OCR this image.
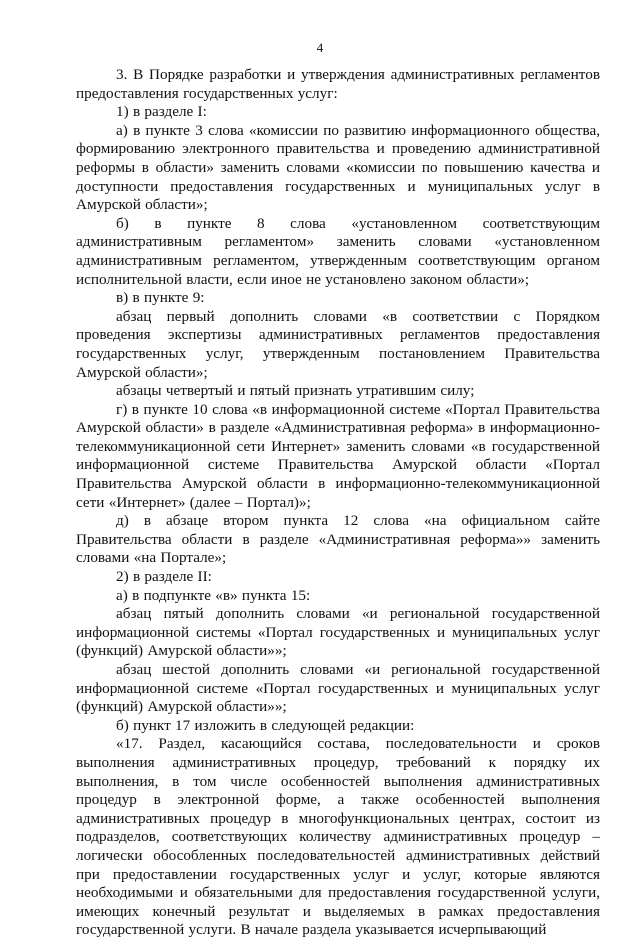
4

3. В Порядке разработки и утверждения административных регламентов предоставления государственных услуг:

1) в разделе I:

а) в пункте 3 слова «комиссии по развитию информационного общества, формированию электронного правительства и проведению административной реформы в области» заменить словами «комиссии по повышению качества и доступности предоставления государственных и муниципальных услуг в Амурской области»;

б) в пункте 8 слова «установленном соответствующим административным регламентом» заменить словами «установленном административным регламентом, утвержденным соответствующим органом исполнительной власти, если иное не установлено законом области»;

в) в пункте 9:

абзац первый дополнить словами «в соответствии с Порядком проведения экспертизы административных регламентов предоставления государственных услуг, утвержденным постановлением Правительства Амурской области»;

абзацы четвертый и пятый признать утратившим силу;

г) в пункте 10 слова «в информационной системе «Портал Правительства Амурской области» в разделе «Административная реформа» в информационно-телекоммуникационной сети Интернет» заменить словами «в государственной информационной системе Правительства Амурской области «Портал Правительства Амурской области в информационно-телекоммуникационной сети «Интернет» (далее – Портал)»;

д) в абзаце втором пункта 12 слова «на официальном сайте Правительства области в разделе «Административная реформа»» заменить словами «на Портале»;

2) в разделе II:

а) в подпункте «в» пункта 15:

абзац пятый дополнить словами «и региональной государственной информационной системы «Портал государственных и муниципальных услуг (функций) Амурской области»»;

абзац шестой дополнить словами «и региональной государственной информационной системе «Портал государственных и муниципальных услуг (функций) Амурской области»»;

б) пункт 17 изложить в следующей редакции:

«17. Раздел, касающийся состава, последовательности и сроков выполнения административных процедур, требований к порядку их выполнения, в том числе особенностей выполнения административных процедур в электронной форме, а также особенностей выполнения административных процедур в многофункциональных центрах, состоит из подразделов, соответствующих количеству административных процедур – логически обособленных последовательностей административных действий при предоставлении государственных услуг и услуг, которые являются необходимыми и обязательными для предоставления государственной услуги, имеющих конечный результат и выделяемых в рамках предоставления государственной услуги. В начале раздела указывается исчерпывающий
